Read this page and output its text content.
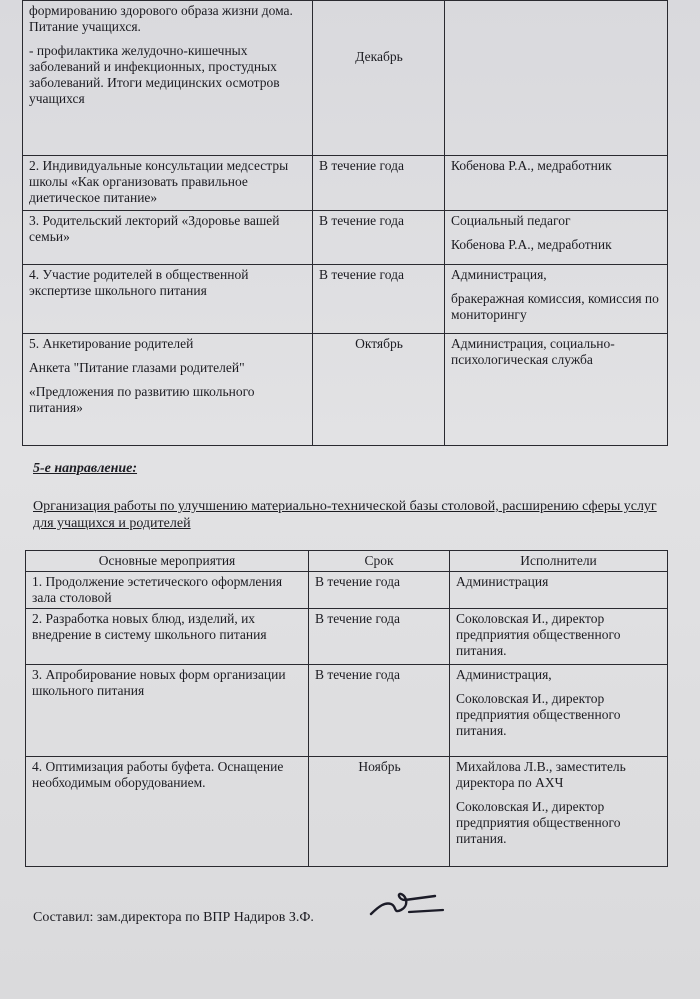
формированию здорового образа жизни дома. Питание учащихся.
- профилактика желудочно-кишечных заболеваний и инфекционных, простудных заболеваний. Итоги медицинских осмотров учащихся	Декабрь	

2. Индивидуальные консультации медсестры школы «Как организовать правильное диетическое питание»	В течение года	Кобенова Р.А., медработник

3. Родительский лекторий «Здоровье вашей семьи»	В течение года	Социальный педагог
Кобенова Р.А., медработник

4. Участие родителей в общественной экспертизе школьного питания	В течение года	Администрация,
бракеражная комиссия, комиссия по мониторингу

5. Анкетирование родителей
Анкета "Питание глазами родителей"
«Предложения по развитию школьного питания»	Октябрь	Администрация, социально-психологическая служба
5-е направление:
Организация работы по улучшению материально-технической базы столовой, расширению сферы услуг для учащихся и родителей
Основные мероприятия	Срок	Исполнители

1. Продолжение эстетического оформления зала столовой	В течение года	Администрация

2. Разработка новых блюд, изделий, их внедрение в систему школьного питания	В течение года	Соколовская И., директор предприятия общественного питания.

3. Апробирование новых форм организации школьного питания	В течение года	Администрация,
Соколовская И., директор предприятия общественного питания.

4. Оптимизация работы буфета. Оснащение необходимым оборудованием.	Ноябрь	Михайлова Л.В., заместитель директора по АХЧ
Соколовская И., директор предприятия общественного питания.
Составил: зам.директора по ВПР Надиров З.Ф.
